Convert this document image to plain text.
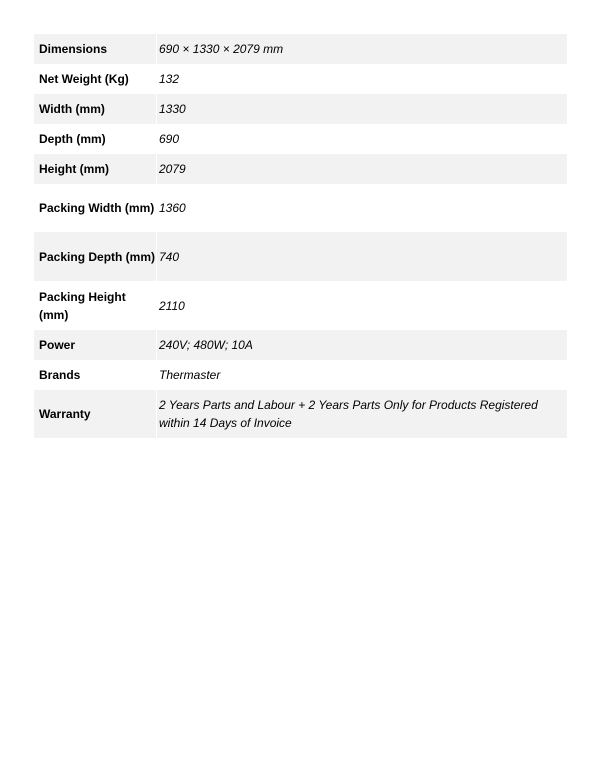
Dimensions	690 × 1330 × 2079 mm
Net Weight (Kg)	132
Width (mm)	1330
Depth (mm)	690
Height (mm)	2079
Packing Width (mm)	1360
Packing Depth (mm)	740
Packing Height (mm)	2110
Power	240V; 480W; 10A
Brands	Thermaster
Warranty	2 Years Parts and Labour + 2 Years Parts Only for Products Registered within 14 Days of Invoice
